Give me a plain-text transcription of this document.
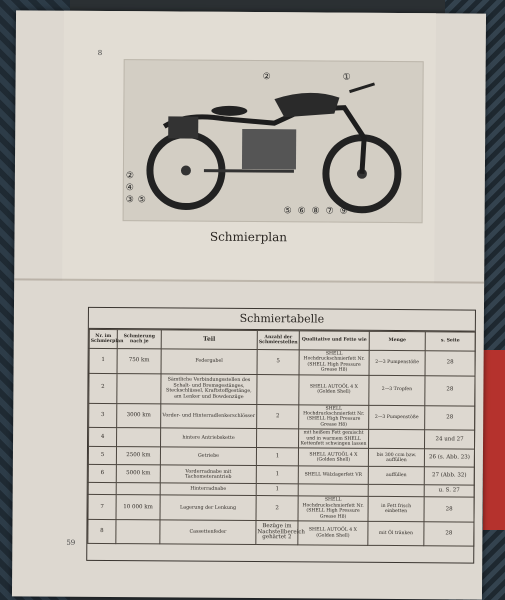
8
②
④
③ ⑤
②	①
⑤ ⑥ ⑧ ⑦ ⑨
Schmierplan
Schmiertabelle
Nr. im Schmierplan	Schmierung nach je	Teil	Anzahl der Schmierstellen	Qualitative und Fette wie	Menge	s. Seite
1	750 km	Federgabel	5	SHELL Hochdruckschmierfett Nr. (SHELL High Pressure Grease H8)	2—3 Pumpenstöße	28
2		Sämtliche Verbindungsstellen des Schalt- und Bremsgestänges, Steckschlüssel, Kraftstoffgestänge, am Lenker und Bowdenzüge		SHELL AUTOÖL 4 X (Golden Shell)	2—3 Tropfen	28
3	3000 km	Vorder- und Hinterradlenkerschlösser	2	SHELL Hochdruckschmierfett Nr. (SHELL High Pressure Grease H8)	2—3 Pumpenstöße	28
4		hintere Antriebskette		mit heißem Fett gemischt und in warmem SHELL Kettenfett schwingen lassen		24 und 27
5	2500 km	Getriebe	1	SHELL AUTOÖL 4 X (Golden Shell)	bis 300 ccm bzw. auffüllen	26 (s. Abb. 23)
6	5000 km	Vorderradnabe mit Tachometerantrieb	1	SHELL Wälzlagerfett VR	auffüllen	27 (Abb. 32)
		Hinterradnabe	1			u. S. 27
7	10 000 km	Lagerung der Lenkung	2	SHELL Hochdruckschmierfett Nr. (SHELL High Pressure Grease H8)	in Fett frisch einbetten	28
8		Cassettenfeder	Bezüge im Nachstellbereich gehärtet 2	SHELL AUTOÖL 4 X (Golden Shell)	mit Öl tränken	28
59
